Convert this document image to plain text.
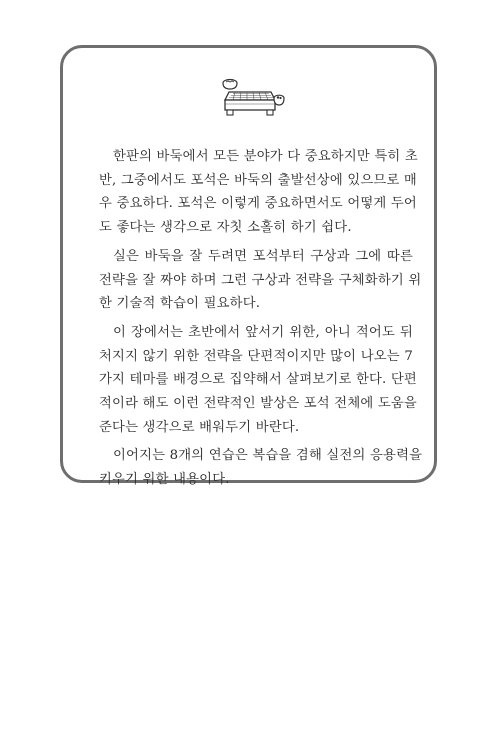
한판의 바둑에서 모든 분야가 다 중요하지만 특히 초
반, 그중에서도 포석은 바둑의 출발선상에 있으므로 매
우 중요하다. 포석은 이렇게 중요하면서도 어떻게 두어
도 좋다는 생각으로 자칫 소홀히 하기 쉽다.

실은 바둑을 잘 두려면 포석부터 구상과 그에 따른
전략을 잘 짜야 하며 그런 구상과 전략을 구체화하기 위
한 기술적 학습이 필요하다.

이 장에서는 초반에서 앞서기 위한, 아니 적어도 뒤
처지지 않기 위한 전략을 단편적이지만 많이 나오는 7
가지 테마를 배경으로 집약해서 살펴보기로 한다. 단편
적이라 해도 이런 전략적인 발상은 포석 전체에 도움을
준다는 생각으로 배워두기 바란다.

이어지는 8개의 연습은 복습을 겸해 실전의 응용력을
키우기 위한 내용이다.
